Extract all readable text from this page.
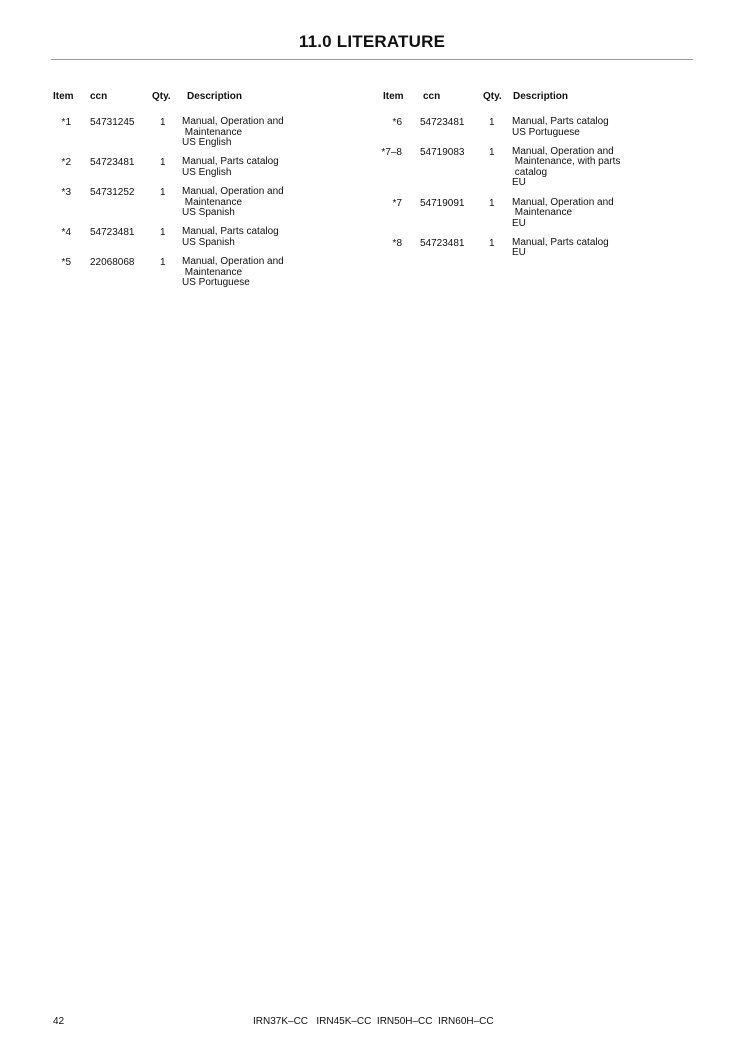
11.0 LITERATURE
Item ccn	Qty. Description
*1 54731245	1 Manual, Operation and
Maintenance
US English
*2 54723481	1 Manual, Parts catalog
US English
*3 54731252	1 Manual, Operation and
Maintenance
US Spanish
*4 54723481	1 Manual, Parts catalog
US Spanish
*5 22068068	1 Manual, Operation and
Maintenance
US Portuguese
Item ccn	Qty. Description
*6 54723481 1 Manual, Parts catalog
US Portuguese
*7–8 54719083 1 Manual, Operation and
Maintenance, with parts
catalog
EU
*7 54719091 1 Manual, Operation and
Maintenance
EU
*8 54723481 1 Manual, Parts catalog
EU
42	IRN37K–CC   IRN45K–CC  IRN50H–CC  IRN60H–CC
